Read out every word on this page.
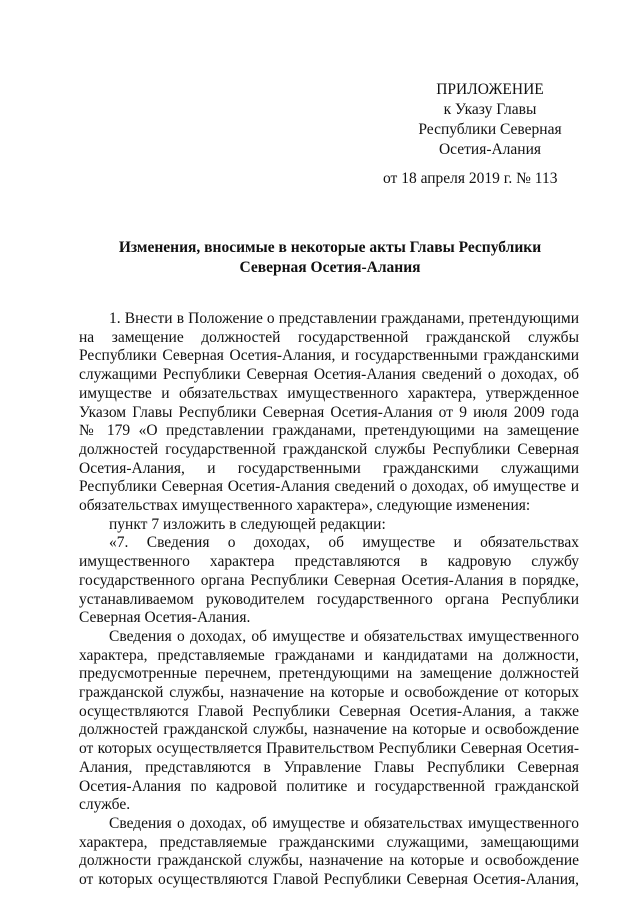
ПРИЛОЖЕНИЕ
к Указу Главы
Республики Северная
Осетия-Алания
от 18 апреля 2019 г. № 113
Изменения, вносимые в некоторые акты Главы Республики
Северная Осетия-Алания
1. Внести в Положение о представлении гражданами, претендующими
на замещение должностей государственной гражданской службы
Республики Северная Осетия-Алания, и государственными гражданскими
служащими Республики Северная Осетия-Алания сведений о доходах, об
имуществе и обязательствах имущественного характера, утвержденное
Указом Главы Республики Северная Осетия-Алания от 9 июля 2009 года
№ 179 «О представлении гражданами, претендующими на замещение
должностей государственной гражданской службы Республики Северная
Осетия-Алания, и государственными гражданскими служащими
Республики Северная Осетия-Алания сведений о доходах, об имуществе и
обязательствах имущественного характера», следующие изменения:
пункт 7 изложить в следующей редакции:
«7. Сведения о доходах, об имуществе и обязательствах
имущественного характера представляются в кадровую службу
государственного органа Республики Северная Осетия-Алания в порядке,
устанавливаемом руководителем государственного органа Республики
Северная Осетия-Алания.
Сведения о доходах, об имуществе и обязательствах имущественного
характера, представляемые гражданами и кандидатами на должности,
предусмотренные перечнем, претендующими на замещение должностей
гражданской службы, назначение на которые и освобождение от которых
осуществляются Главой Республики Северная Осетия-Алания, а также
должностей гражданской службы, назначение на которые и освобождение
от которых осуществляется Правительством Республики Северная Осетия-
Алания, представляются в Управление Главы Республики Северная
Осетия-Алания по кадровой политике и государственной гражданской
службе.
Сведения о доходах, об имуществе и обязательствах имущественного
характера, представляемые гражданскими служащими, замещающими
должности гражданской службы, назначение на которые и освобождение
от которых осуществляются Главой Республики Северная Осетия-Алания,
